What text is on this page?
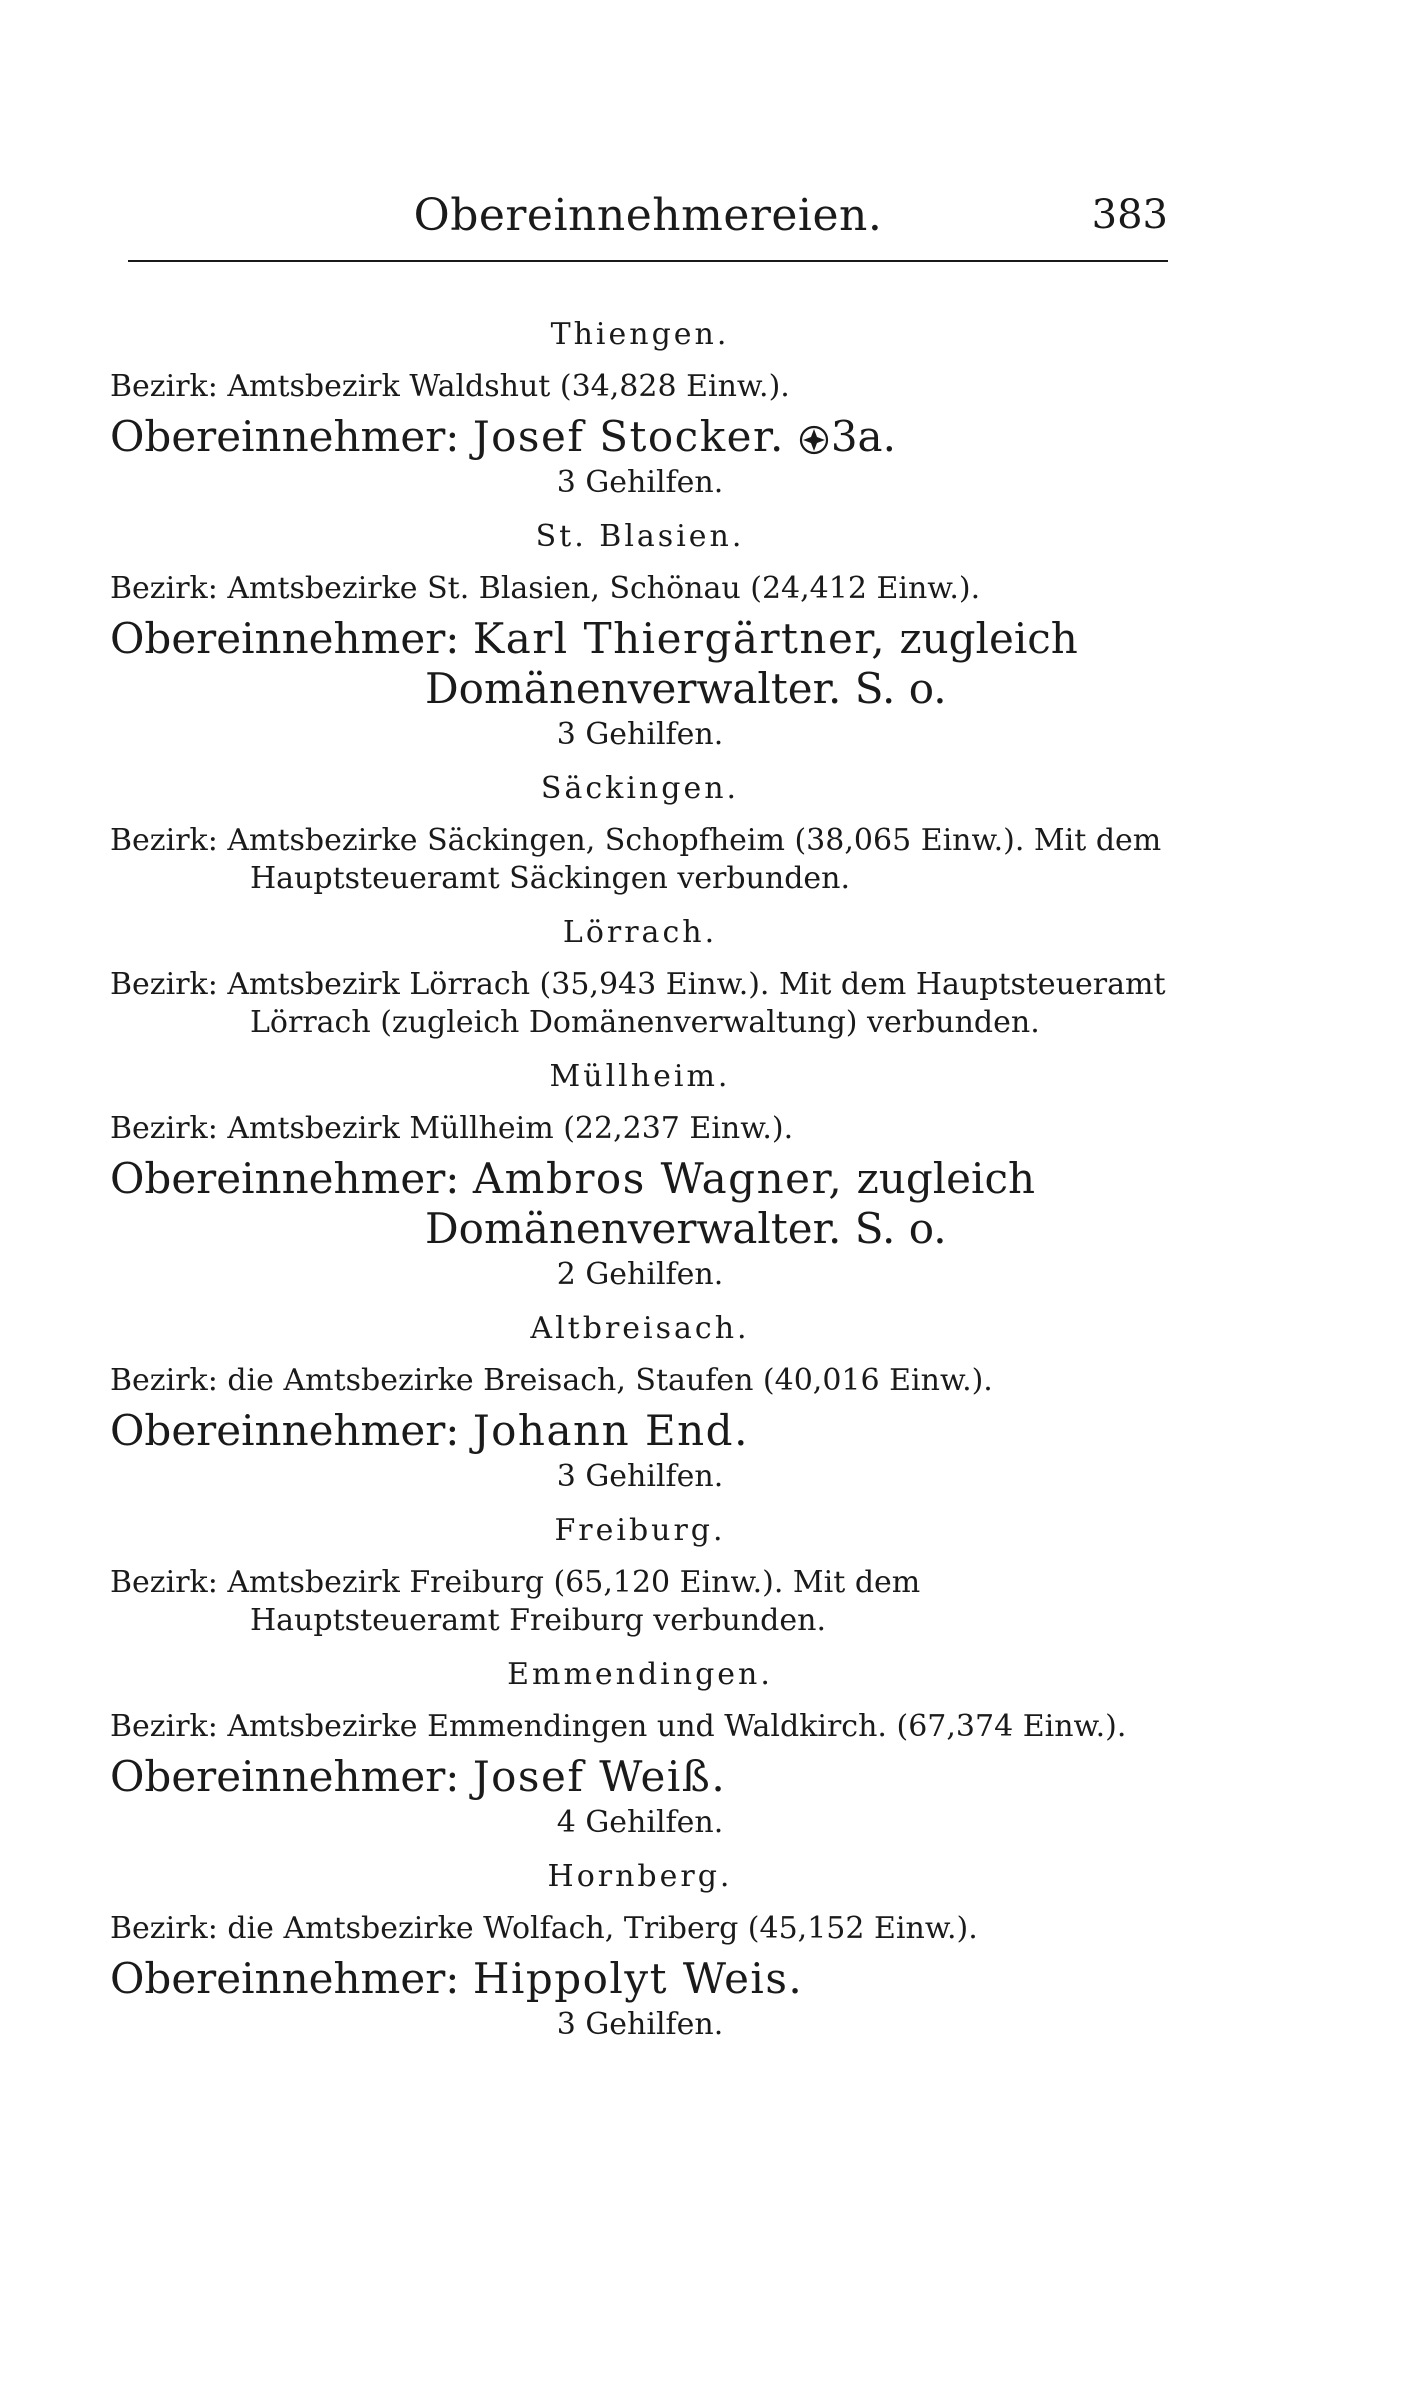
Obereinnehmereien.	383
Thiengen.
Bezirk: Amtsbezirk Waldshut (34,828 Einw.).
Obereinnehmer: Josef Stocker. 3a.
3 Gehilfen.
St. Blasien.
Bezirk: Amtsbezirke St. Blasien, Schönau (24,412 Einw.).
Obereinnehmer: Karl Thiergärtner, zugleich Domänenverwalter. S. o.
3 Gehilfen.
Säckingen.
Bezirk: Amtsbezirke Säckingen, Schopfheim (38,065 Einw.). Mit dem Hauptsteueramt Säckingen verbunden.
Lörrach.
Bezirk: Amtsbezirk Lörrach (35,943 Einw.). Mit dem Hauptsteueramt Lörrach (zugleich Domänenverwaltung) verbunden.
Müllheim.
Bezirk: Amtsbezirk Müllheim (22,237 Einw.).
Obereinnehmer: Ambros Wagner, zugleich Domänenverwalter. S. o.
2 Gehilfen.
Altbreisach.
Bezirk: die Amtsbezirke Breisach, Staufen (40,016 Einw.).
Obereinnehmer: Johann End.
3 Gehilfen.
Freiburg.
Bezirk: Amtsbezirk Freiburg (65,120 Einw.). Mit dem Hauptsteueramt Freiburg verbunden.
Emmendingen.
Bezirk: Amtsbezirke Emmendingen und Waldkirch. (67,374 Einw.).
Obereinnehmer: Josef Weiß.
4 Gehilfen.
Hornberg.
Bezirk: die Amtsbezirke Wolfach, Triberg (45,152 Einw.).
Obereinnehmer: Hippolyt Weis.
3 Gehilfen.
